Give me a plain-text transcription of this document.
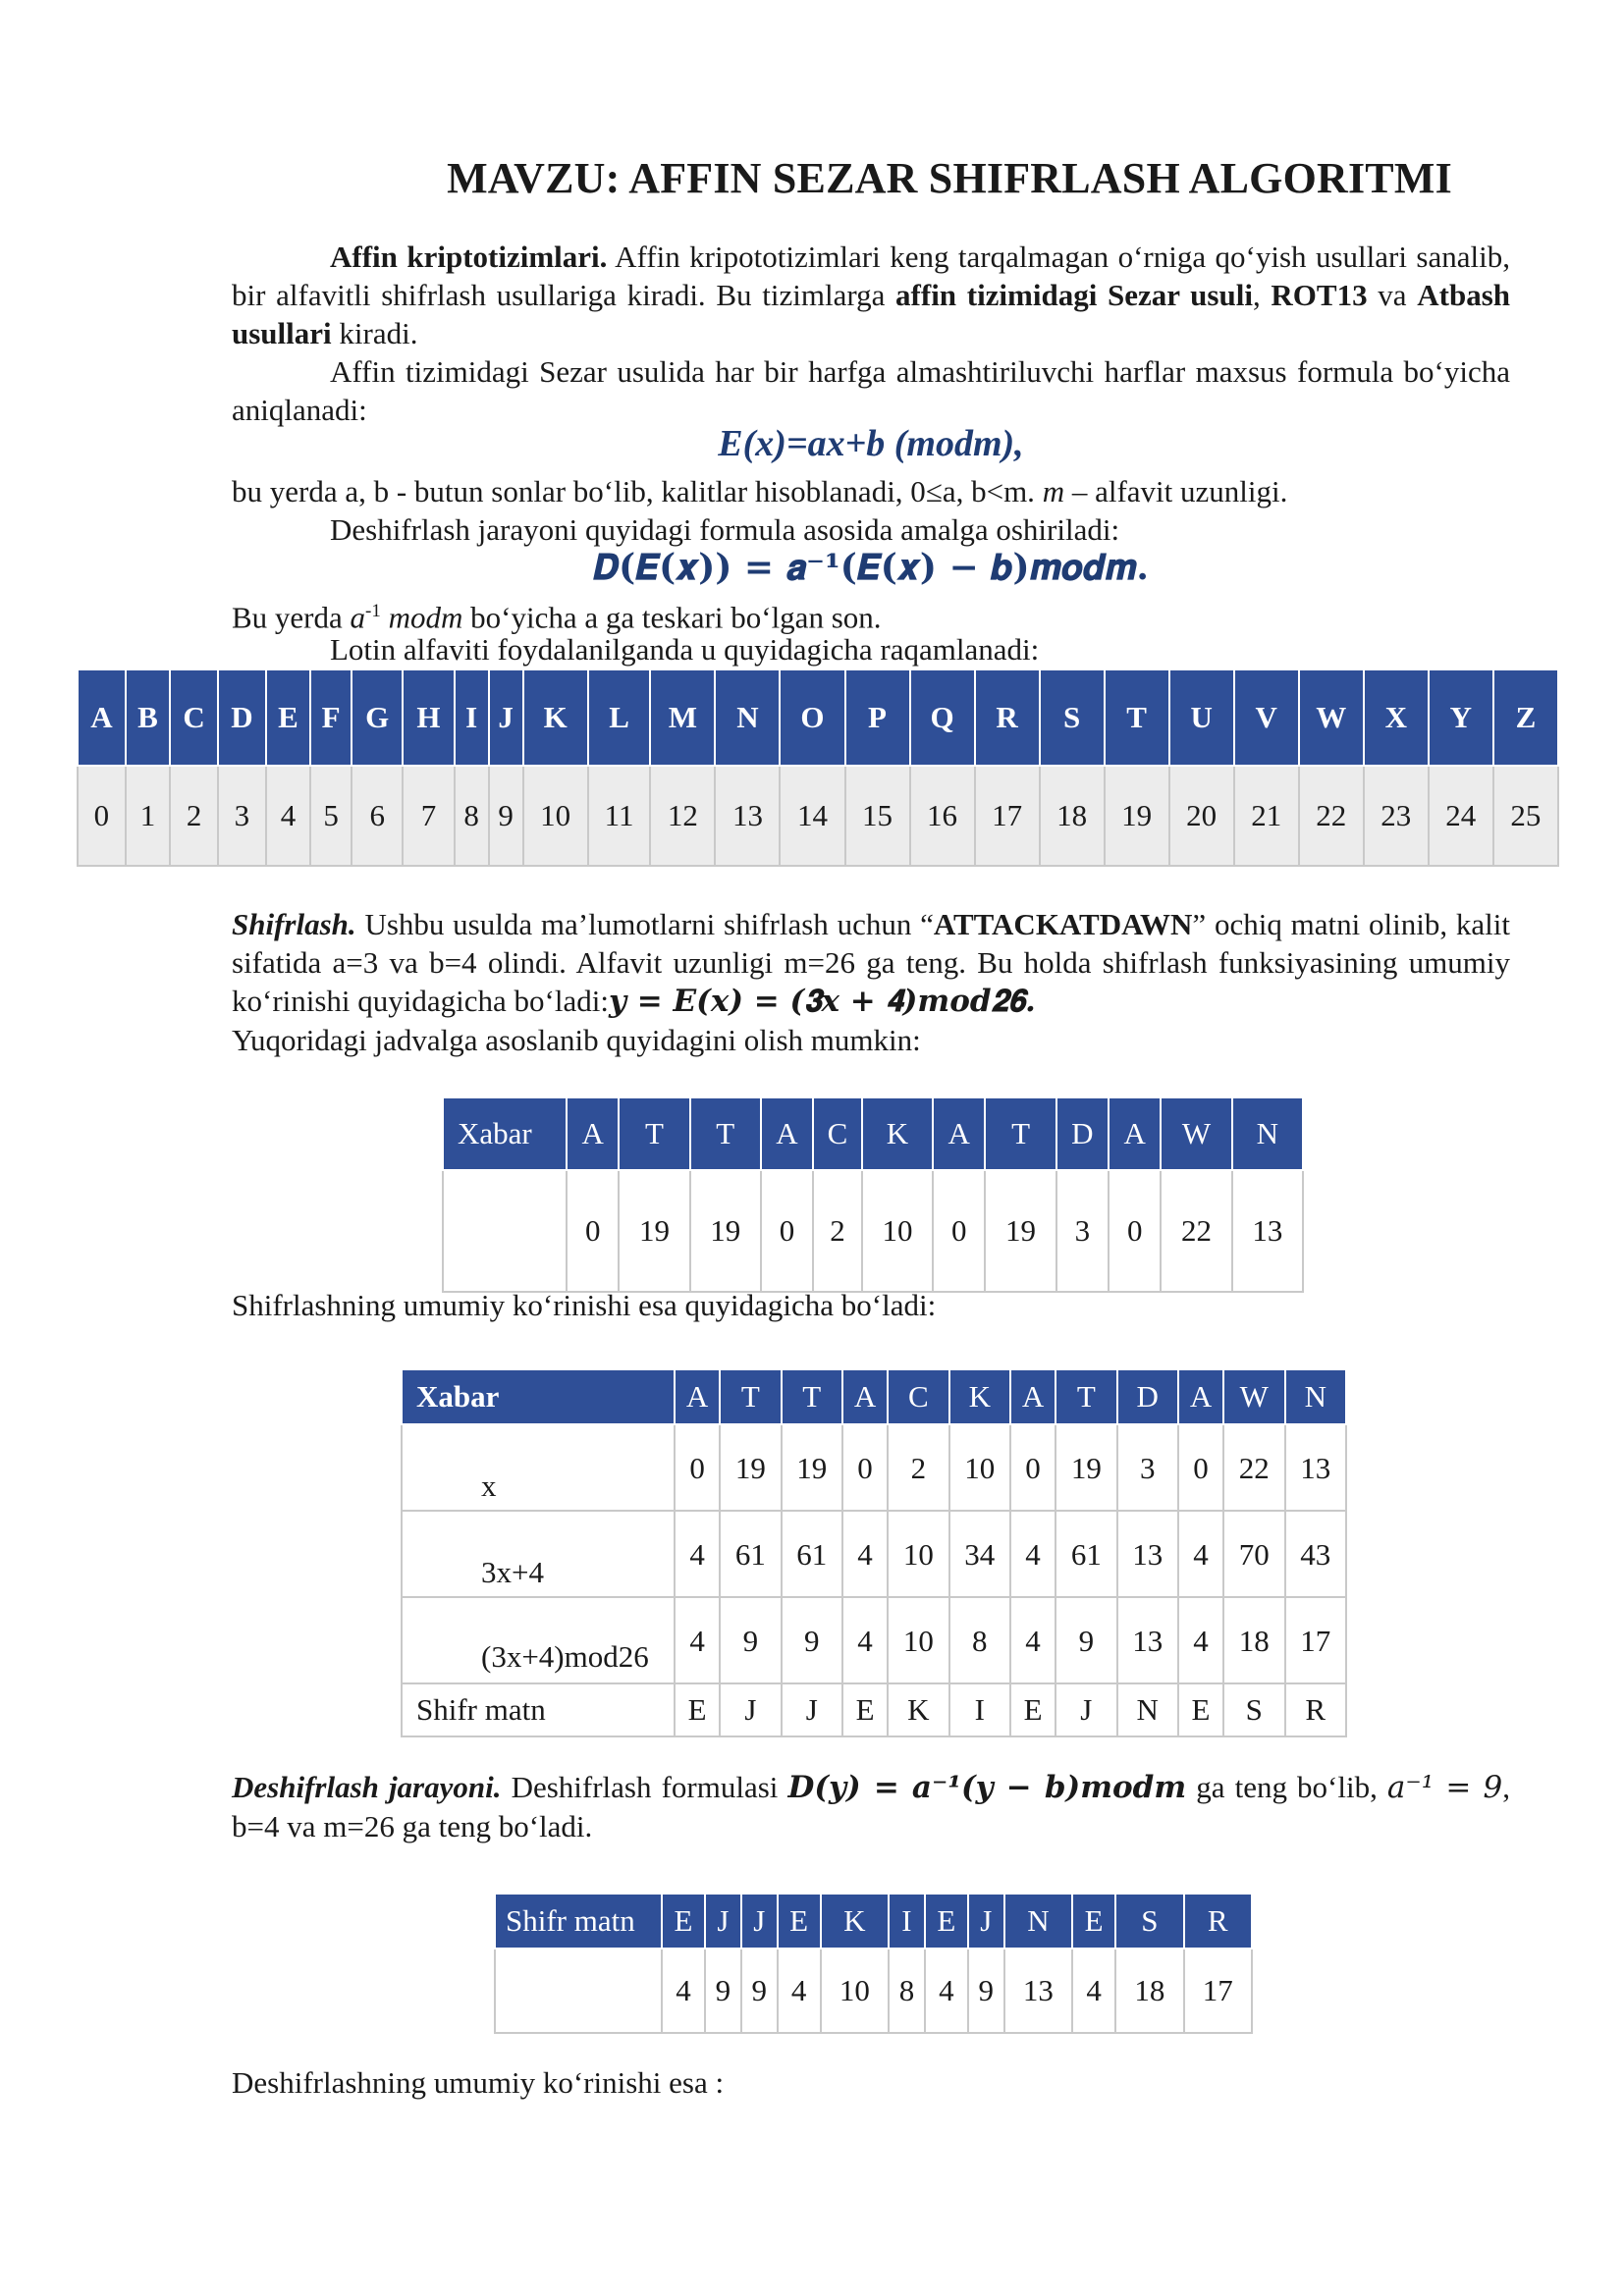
MAVZU: AFFIN SEZAR SHIFRLASH ALGORITMI

Affin kriptotizimlari. Affin kripototizimlari keng tarqalmagan o‘rniga qo‘yish usullari sanalib, bir alfavitli shifrlash usullariga kiradi. Bu tizimlarga affin tizimidagi Sezar usuli, ROT13 va Atbash usullari kiradi.

Affin tizimidagi Sezar usulida har bir harfga almashtiriluvchi harflar maxsus formula bo‘yicha aniqlanadi:

E(x)=ax+b (modm),

bu yerda a, b - butun sonlar bo‘lib, kalitlar hisoblanadi, 0≤a, b<m. m – alfavit uzunligi.

Deshifrlash jarayoni quyidagi formula asosida amalga oshiriladi:

𝑫(𝑬(𝒙)) = 𝒂⁻¹(𝑬(𝒙) − 𝒃)𝒎𝒐𝒅𝒎.

Bu yerda $a^{-1}$ modm bo‘yicha a ga teskari bo‘lgan son.

Lotin alfaviti foydalanilganda u quyidagicha raqamlanadi:

A	B	C	D	E	F	G	H	I	J	K	L	M	N	O	P	Q	R	S	T	U	V	W	X	Y	Z
0	1	2	3	4	5	6	7	8	9	10	11	12	13	14	15	16	17	18	19	20	21	22	23	24	25

Shifrlash. Ushbu usulda ma’lumotlarni shifrlash uchun “ATTACKATDAWN” ochiq matni olinib, kalit sifatida a=3 va b=4 olindi. Alfavit uzunligi m=26 ga teng. Bu holda shifrlash funksiyasining umumiy ko‘rinishi quyidagicha bo‘ladi:𝒚 = 𝑬(𝒙) = (𝟑𝒙 + 𝟒)𝒎𝒐𝒅𝟐𝟔.
Yuqoridagi jadvalga asoslanib quyidagini olish mumkin:

Xabar	A	T	T	A	C	K	A	T	D	A	W	N
	0	19	19	0	2	10	0	19	3	0	22	13

Shifrlashning umumiy ko‘rinishi esa quyidagicha bo‘ladi:

Xabar	A	T	T	A	C	K	A	T	D	A	W	N
x	0	19	19	0	2	10	0	19	3	0	22	13
3x+4	4	61	61	4	10	34	4	61	13	4	70	43
(3x+4)mod26	4	9	9	4	10	8	4	9	13	4	18	17
Shifr matn	E	J	J	E	K	I	E	J	N	E	S	R

Deshifrlash jarayoni. Deshifrlash formulasi 𝑫(𝒚) = 𝒂⁻¹(𝒚 − 𝒃)𝒎𝒐𝒅𝒎 ga teng bo‘lib, 𝑎⁻¹ = 9, b=4 va m=26 ga teng bo‘ladi.

Shifr matn	E	J	J	E	K	I	E	J	N	E	S	R
	4	9	9	4	10	8	4	9	13	4	18	17

Deshifrlashning umumiy ko‘rinishi esa :
